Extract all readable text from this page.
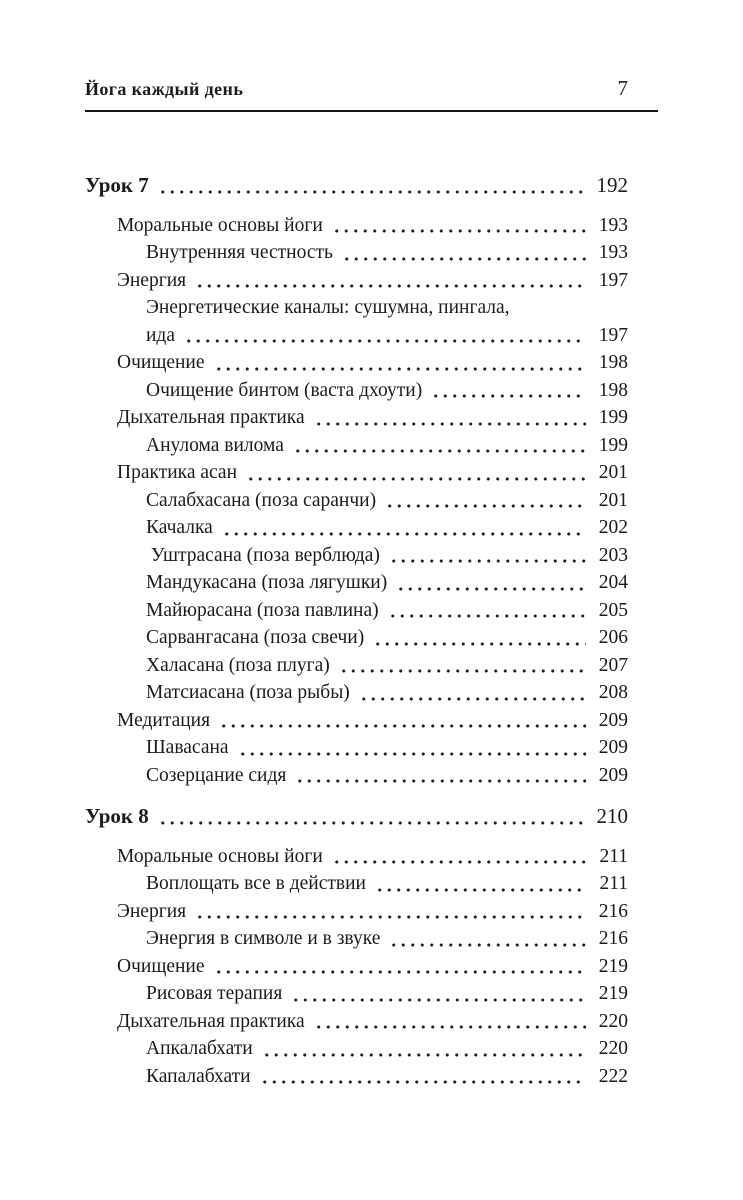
Йога каждый день	7
Урок 7	192
Моральные основы йоги	193
Внутренняя честность	193
Энергия	197
Энергетические каналы: сушумна, пингала,
ида	197
Очищение	198
Очищение бинтом (васта дхоути)	198
Дыхательная практика	199
Анулома вилома	199
Практика асан	201
Салабхасана (поза саранчи)	201
Качалка	202
Уштрасана (поза верблюда)	203
Мандукасана (поза лягушки)	204
Майюрасана (поза павлина)	205
Сарвангасана (поза свечи)	206
Халасана (поза плуга)	207
Матсиасана (поза рыбы)	208
Медитация	209
Шавасана	209
Созерцание сидя	209
Урок 8	210
Моральные основы йоги	211
Воплощать все в действии	211
Энергия	216
Энергия в символе и в звуке	216
Очищение	219
Рисовая терапия	219
Дыхательная практика	220
Апкалабхати	220
Капалабхати	222
